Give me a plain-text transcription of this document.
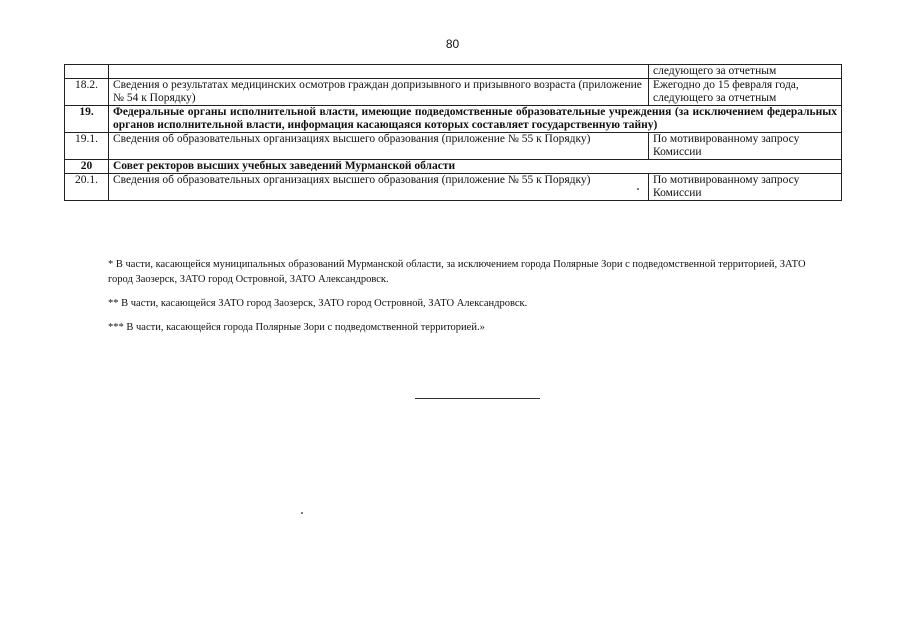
80
		следующего за отчетным
18.2.	Сведения о результатах медицинских осмотров граждан допризывного и призывного возраста (приложение № 54 к Порядку)	Ежегодно до 15 февраля года, следующего за отчетным
19.	Федеральные органы исполнительной власти, имеющие подведомственные образовательные учреждения (за исключением федеральных органов исполнительной власти, информация касающаяся которых составляет государственную тайну)	
19.1.	Сведения об образовательных организациях высшего образования (приложение № 55 к Порядку)	По мотивированному запросу Комиссии
20	Совет ректоров высших учебных заведений Мурманской области	
20.1.	Сведения об образовательных организациях высшего образования (приложение № 55 к Порядку)	По мотивированному запросу Комиссии
* В части, касающейся муниципальных образований Мурманской области, за исключением города Полярные Зори с подведомственной территорией, ЗАТО город Заозерск, ЗАТО город Островной, ЗАТО Александровск.
** В части, касающейся ЗАТО город Заозерск, ЗАТО город Островной, ЗАТО Александровск.
*** В части, касающейся города Полярные Зори с подведомственной территорией.»
